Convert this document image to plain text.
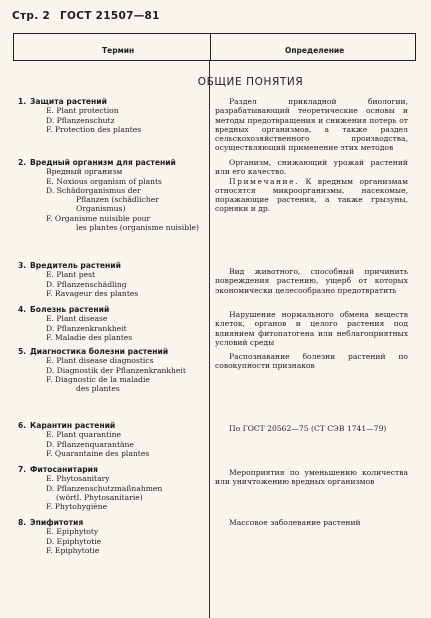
Стр. 2 ГОСТ 21507—81
Термин	Определение
ОБЩИЕ ПОНЯТИЯ
1. Защита растений
E. Plant protection
D. Pflanzenschutz
F. Protection des plantes
Раздел прикладной биологии, разрабатывающий теоретические основы и методы предотвращения и снижения потерь от вредных организмов, а также раздел сельскохозяйственного производства, осуществляющий применение этих методов
2. Вредный организм для растений
Вредный организм
E. Noxious organism of plants
D. Schädorganismus der
Pflanzen (schädlicher Organismus)
F. Organisme nuisible pour
les plantes (organisme nuisible)
Организм, снижающий урожай растений или его качество.
Примечание. К вредным организмам относятся микроорганизмы, насекомые, поражающие растения, а также грызуны, сорняки и др.
3. Вредитель растений
E. Plant pest
D. Pflanzenschädling
F. Ravageur des plantes
Вид животного, способный причинить повреждения растению, ущерб от которых экономически целесообразно предотвратить
4. Болезнь растений
E. Plant disease
D. Pflanzenkrankheit
F. Maladie des plantes
Нарушение нормального обмена веществ клеток, органов и целого растения под влиянием фитопатогена или неблагоприятных условий среды
5. Диагностика болезни растений
E. Plant disease diagnostics
D. Diagnostik der Pflanzenkrankheit
F. Diagnostic de la maladie
des plantes
Распознавание болезни растений по совокупности признаков
6. Карантин растений
E. Plant quarantine
D. Pflanzenquarantäne
F. Quarantaine des plantes
По ГОСТ 20562—75 (СТ СЭВ 1741—79)
7. Фитосанитария
E. Phytosanitary
D. Pflanzenschutzmaßnahmen
(wörtl. Phytosanitarie)
F. Phytohygiène
Мероприятия по уменьшению количества или уничтожению вредных организмов
8. Эпифитотия
E. Epiphytoty
D. Epiphytotie
F. Epiphytotie
Массовое заболевание растений
